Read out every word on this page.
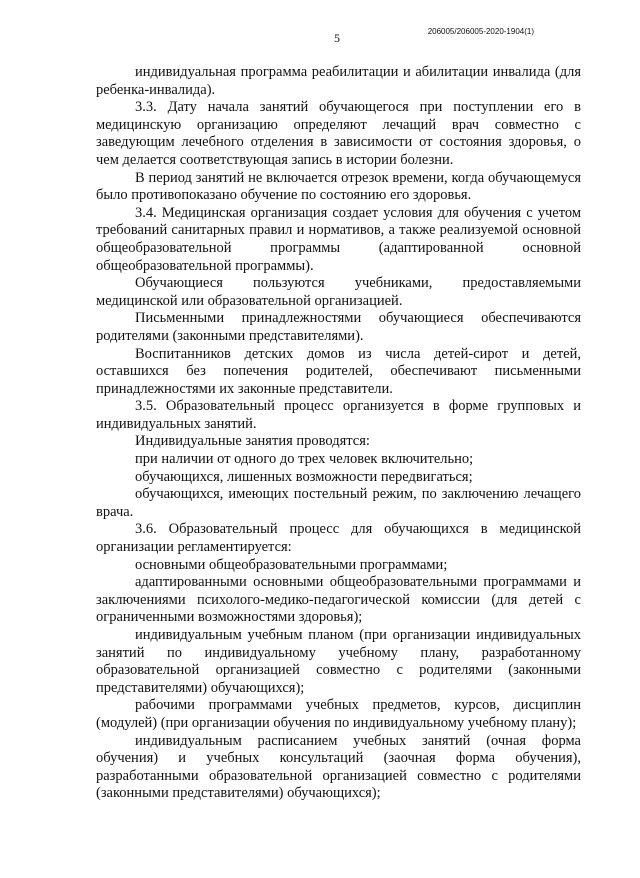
5	206005/206005-2020-1904(1)

индивидуальная программа реабилитации и абилитации инвалида (для ребенка-инвалида).

3.3. Дату начала занятий обучающегося при поступлении его в медицинскую организацию определяют лечащий врач совместно с заведующим лечебного отделения в зависимости от состояния здоровья, о чем делается соответствующая запись в истории болезни.

В период занятий не включается отрезок времени, когда обучающемуся было противопоказано обучение по состоянию его здоровья.

3.4. Медицинская организация создает условия для обучения с учетом требований санитарных правил и нормативов, а также реализуемой основной общеобразовательной программы (адаптированной основной общеобразовательной программы).

Обучающиеся пользуются учебниками, предоставляемыми медицинской или образовательной организацией.

Письменными принадлежностями обучающиеся обеспечиваются родителями (законными представителями).

Воспитанников детских домов из числа детей-сирот и детей, оставшихся без попечения родителей, обеспечивают письменными принадлежностями их законные представители.

3.5. Образовательный процесс организуется в форме групповых и индивидуальных занятий.

Индивидуальные занятия проводятся:

при наличии от одного до трех человек включительно;

обучающихся, лишенных возможности передвигаться;

обучающихся, имеющих постельный режим, по заключению лечащего врача.

3.6. Образовательный процесс для обучающихся в медицинской организации регламентируется:

основными общеобразовательными программами;

адаптированными основными общеобразовательными программами и заключениями психолого-медико-педагогической комиссии (для детей с ограниченными возможностями здоровья);

индивидуальным учебным планом (при организации индивидуальных занятий по индивидуальному учебному плану, разработанному образовательной организацией совместно с родителями (законными представителями) обучающихся);

рабочими программами учебных предметов, курсов, дисциплин (модулей) (при организации обучения по индивидуальному учебному плану);

индивидуальным расписанием учебных занятий (очная форма обучения) и учебных консультаций (заочная форма обучения), разработанными образовательной организацией совместно с родителями (законными представителями) обучающихся);
